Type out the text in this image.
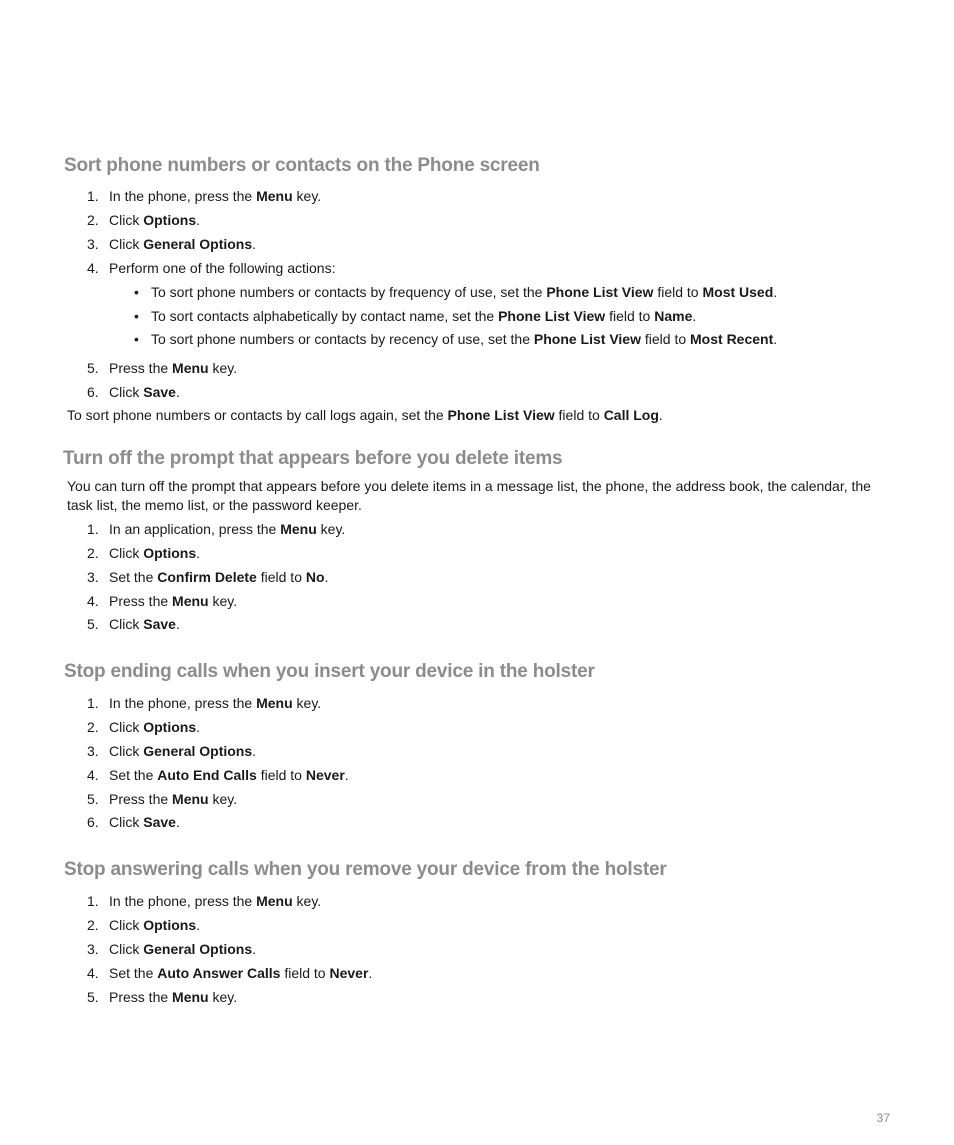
Sort phone numbers or contacts on the Phone screen
1. In the phone, press the Menu key.
2. Click Options.
3. Click General Options.
4. Perform one of the following actions:
• To sort phone numbers or contacts by frequency of use, set the Phone List View field to Most Used.
• To sort contacts alphabetically by contact name, set the Phone List View field to Name.
• To sort phone numbers or contacts by recency of use, set the Phone List View field to Most Recent.
5. Press the Menu key.
6. Click Save.
To sort phone numbers or contacts by call logs again, set the Phone List View field to Call Log.
Turn off the prompt that appears before you delete items
You can turn off the prompt that appears before you delete items in a message list, the phone, the address book, the calendar, the task list, the memo list, or the password keeper.
1. In an application, press the Menu key.
2. Click Options.
3. Set the Confirm Delete field to No.
4. Press the Menu key.
5. Click Save.
Stop ending calls when you insert your device in the holster
1. In the phone, press the Menu key.
2. Click Options.
3. Click General Options.
4. Set the Auto End Calls field to Never.
5. Press the Menu key.
6. Click Save.
Stop answering calls when you remove your device from the holster
1. In the phone, press the Menu key.
2. Click Options.
3. Click General Options.
4. Set the Auto Answer Calls field to Never.
5. Press the Menu key.
37
